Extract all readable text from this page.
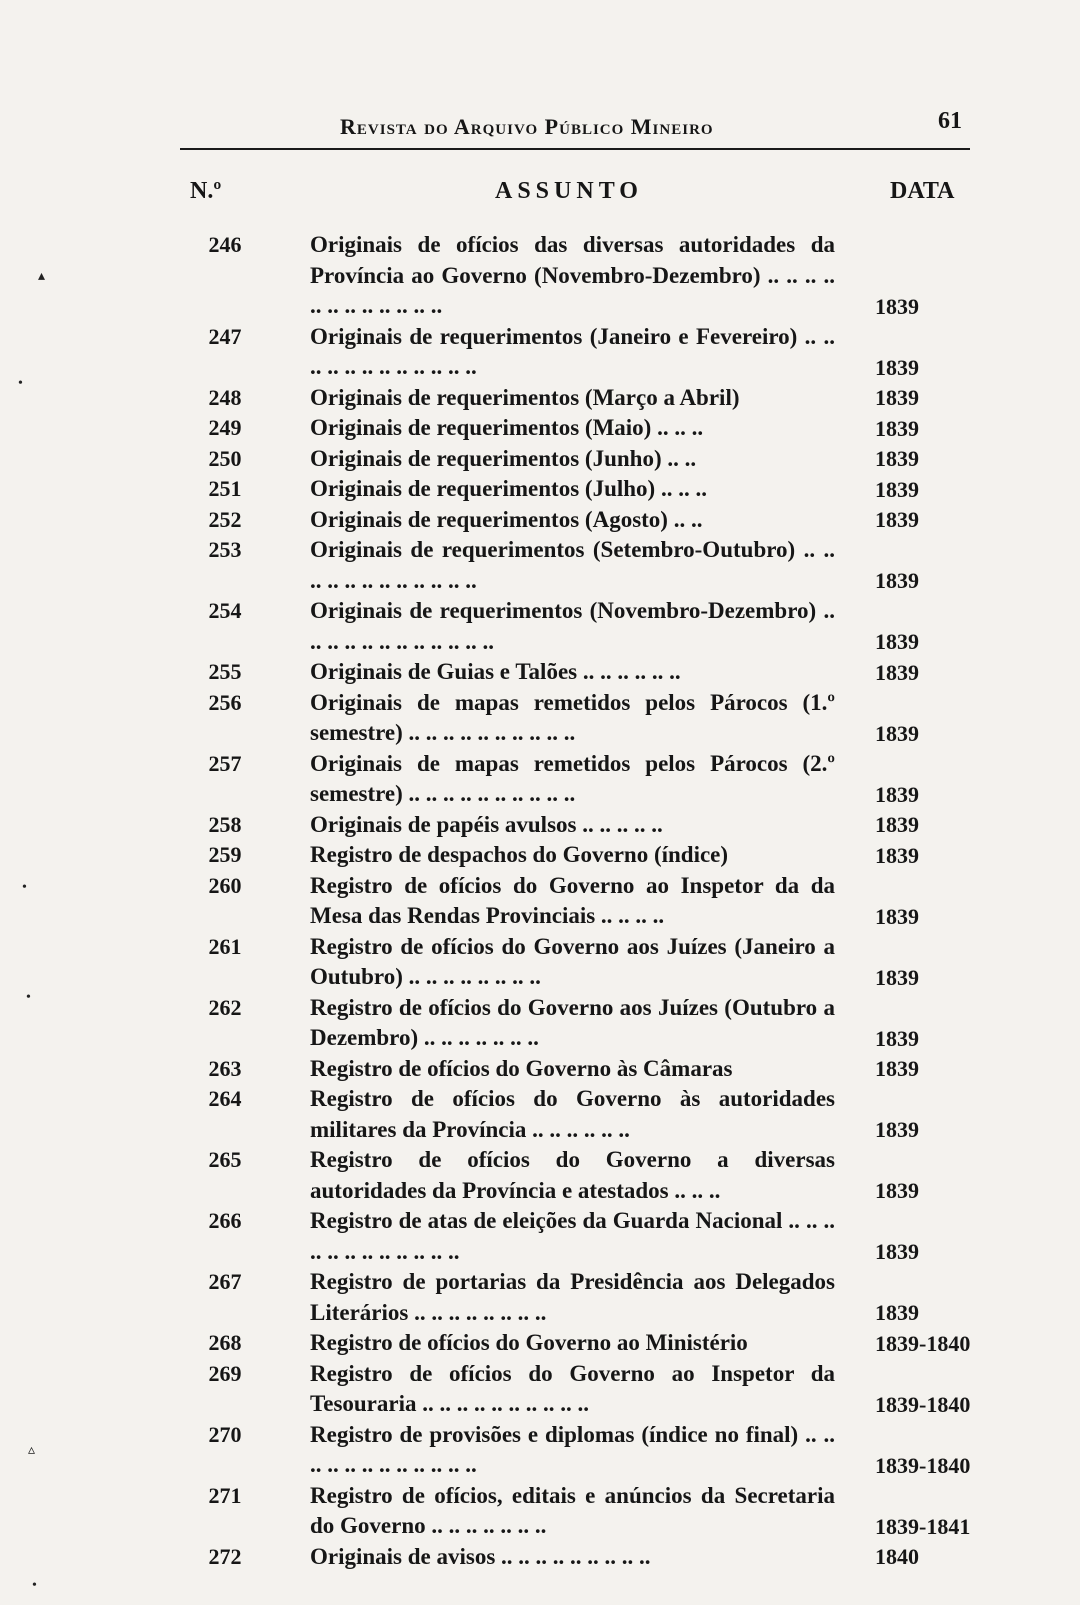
Revista do Arquivo Público Mineiro	61
N.º	ASSUNTO	DATA
246	Originais de ofícios das diversas autoridades da Província ao Governo (Novembro-Dezembro) .. .. .. .. .. .. .. .. .. .. .. ..	1839
247	Originais de requerimentos (Janeiro e Fevereiro) .. .. .. .. .. .. .. .. .. .. .. ..	1839
248	Originais de requerimentos (Março a Abril)	1839
249	Originais de requerimentos (Maio) .. .. ..	1839
250	Originais de requerimentos (Junho) .. ..	1839
251	Originais de requerimentos (Julho) .. .. ..	1839
252	Originais de requerimentos (Agosto) .. ..	1839
253	Originais de requerimentos (Setembro-Outubro) .. .. .. .. .. .. .. .. .. .. .. ..	1839
254	Originais de requerimentos (Novembro-Dezembro) .. .. .. .. .. .. .. .. .. .. .. ..	1839
255	Originais de Guias e Talões .. .. .. .. .. ..	1839
256	Originais de mapas remetidos pelos Párocos (1.º semestre) .. .. .. .. .. .. .. .. .. ..	1839
257	Originais de mapas remetidos pelos Párocos (2.º semestre) .. .. .. .. .. .. .. .. .. ..	1839
258	Originais de papéis avulsos .. .. .. .. ..	1839
259	Registro de despachos do Governo (índice)	1839
260	Registro de ofícios do Governo ao Inspetor da da Mesa das Rendas Provinciais .. .. .. ..	1839
261	Registro de ofícios do Governo aos Juízes (Janeiro a Outubro) .. .. .. .. .. .. .. ..	1839
262	Registro de ofícios do Governo aos Juízes (Outubro a Dezembro) .. .. .. .. .. .. ..	1839
263	Registro de ofícios do Governo às Câmaras	1839
264	Registro de ofícios do Governo às autoridades militares da Província .. .. .. .. .. ..	1839
265	Registro de ofícios do Governo a diversas autoridades da Província e atestados .. .. ..	1839
266	Registro de atas de eleições da Guarda Nacional .. .. .. .. .. .. .. .. .. .. .. ..	1839
267	Registro de portarias da Presidência aos Delegados Literários .. .. .. .. .. .. .. ..	1839
268	Registro de ofícios do Governo ao Ministério	1839-1840
269	Registro de ofícios do Governo ao Inspetor da Tesouraria .. .. .. .. .. .. .. .. .. ..	1839-1840
270	Registro de provisões e diplomas (índice no final) .. .. .. .. .. .. .. .. .. .. .. ..	1839-1840
271	Registro de ofícios, editais e anúncios da Secretaria do Governo .. .. .. .. .. .. ..	1839-1841
272	Originais de avisos .. .. .. .. .. .. .. .. ..	1840
▴
•
•
•
▵
•
